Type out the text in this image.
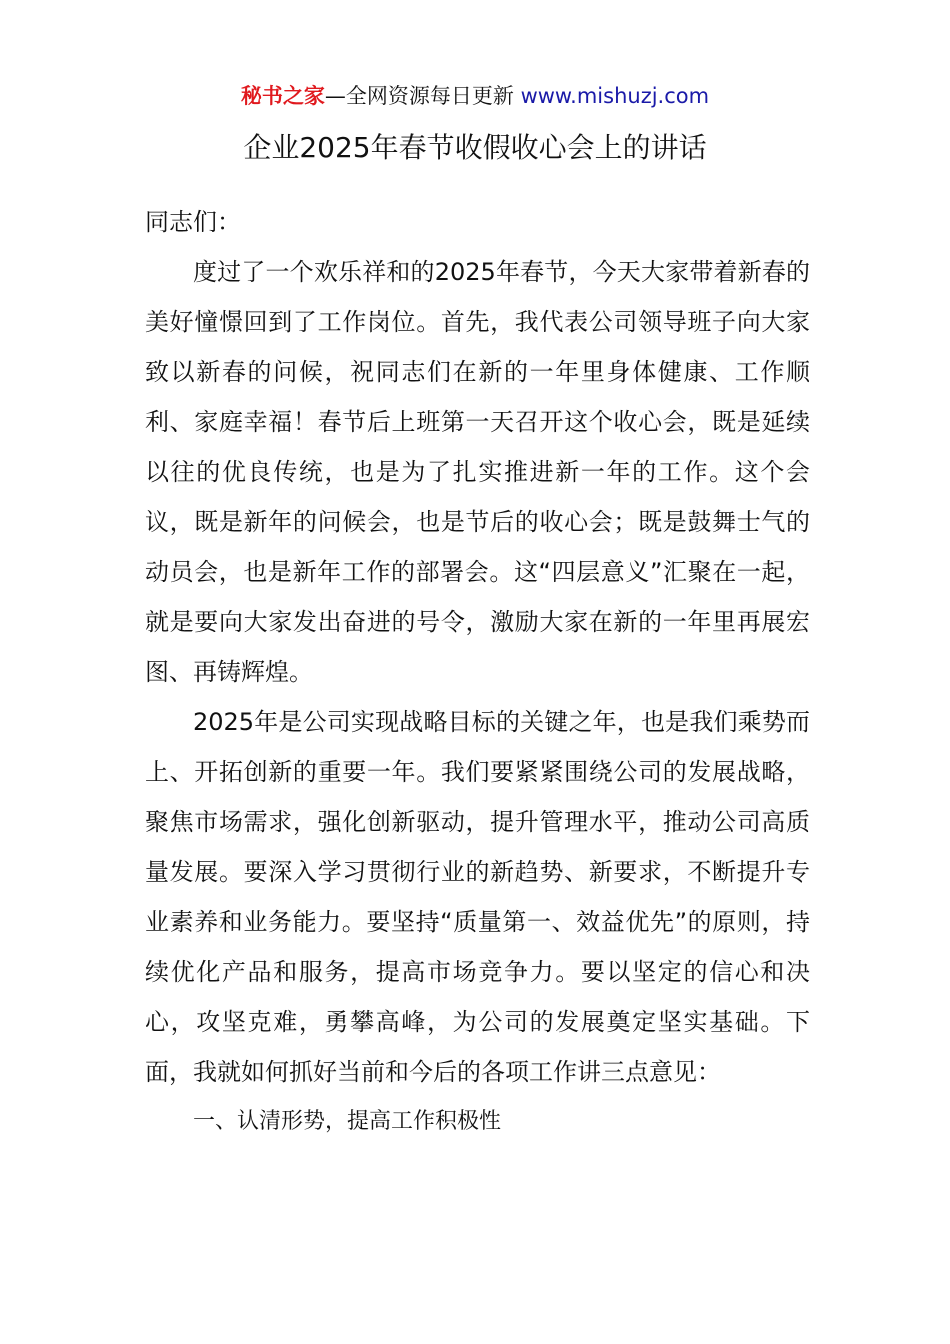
秘书之家—全网资源每日更新 www.mishuzj.com
企业2025年春节收假收心会上的讲话

同志们：

度过了一个欢乐祥和的2025年春节，今天大家带着新春的美好憧憬回到了工作岗位。首先，我代表公司领导班子向大家致以新春的问候，祝同志们在新的一年里身体健康、工作顺利、家庭幸福！春节后上班第一天召开这个收心会，既是延续以往的优良传统，也是为了扎实推进新一年的工作。这个会议，既是新年的问候会，也是节后的收心会；既是鼓舞士气的动员会，也是新年工作的部署会。这“四层意义”汇聚在一起，就是要向大家发出奋进的号令，激励大家在新的一年里再展宏图、再铸辉煌。

2025年是公司实现战略目标的关键之年，也是我们乘势而上、开拓创新的重要一年。我们要紧紧围绕公司的发展战略，聚焦市场需求，强化创新驱动，提升管理水平，推动公司高质量发展。要深入学习贯彻行业的新趋势、新要求，不断提升专业素养和业务能力。要坚持“质量第一、效益优先”的原则，持续优化产品和服务，提高市场竞争力。要以坚定的信心和决心，攻坚克难，勇攀高峰，为公司的发展奠定坚实基础。下面，我就如何抓好当前和今后的各项工作讲三点意见：

一、认清形势，提高工作积极性
